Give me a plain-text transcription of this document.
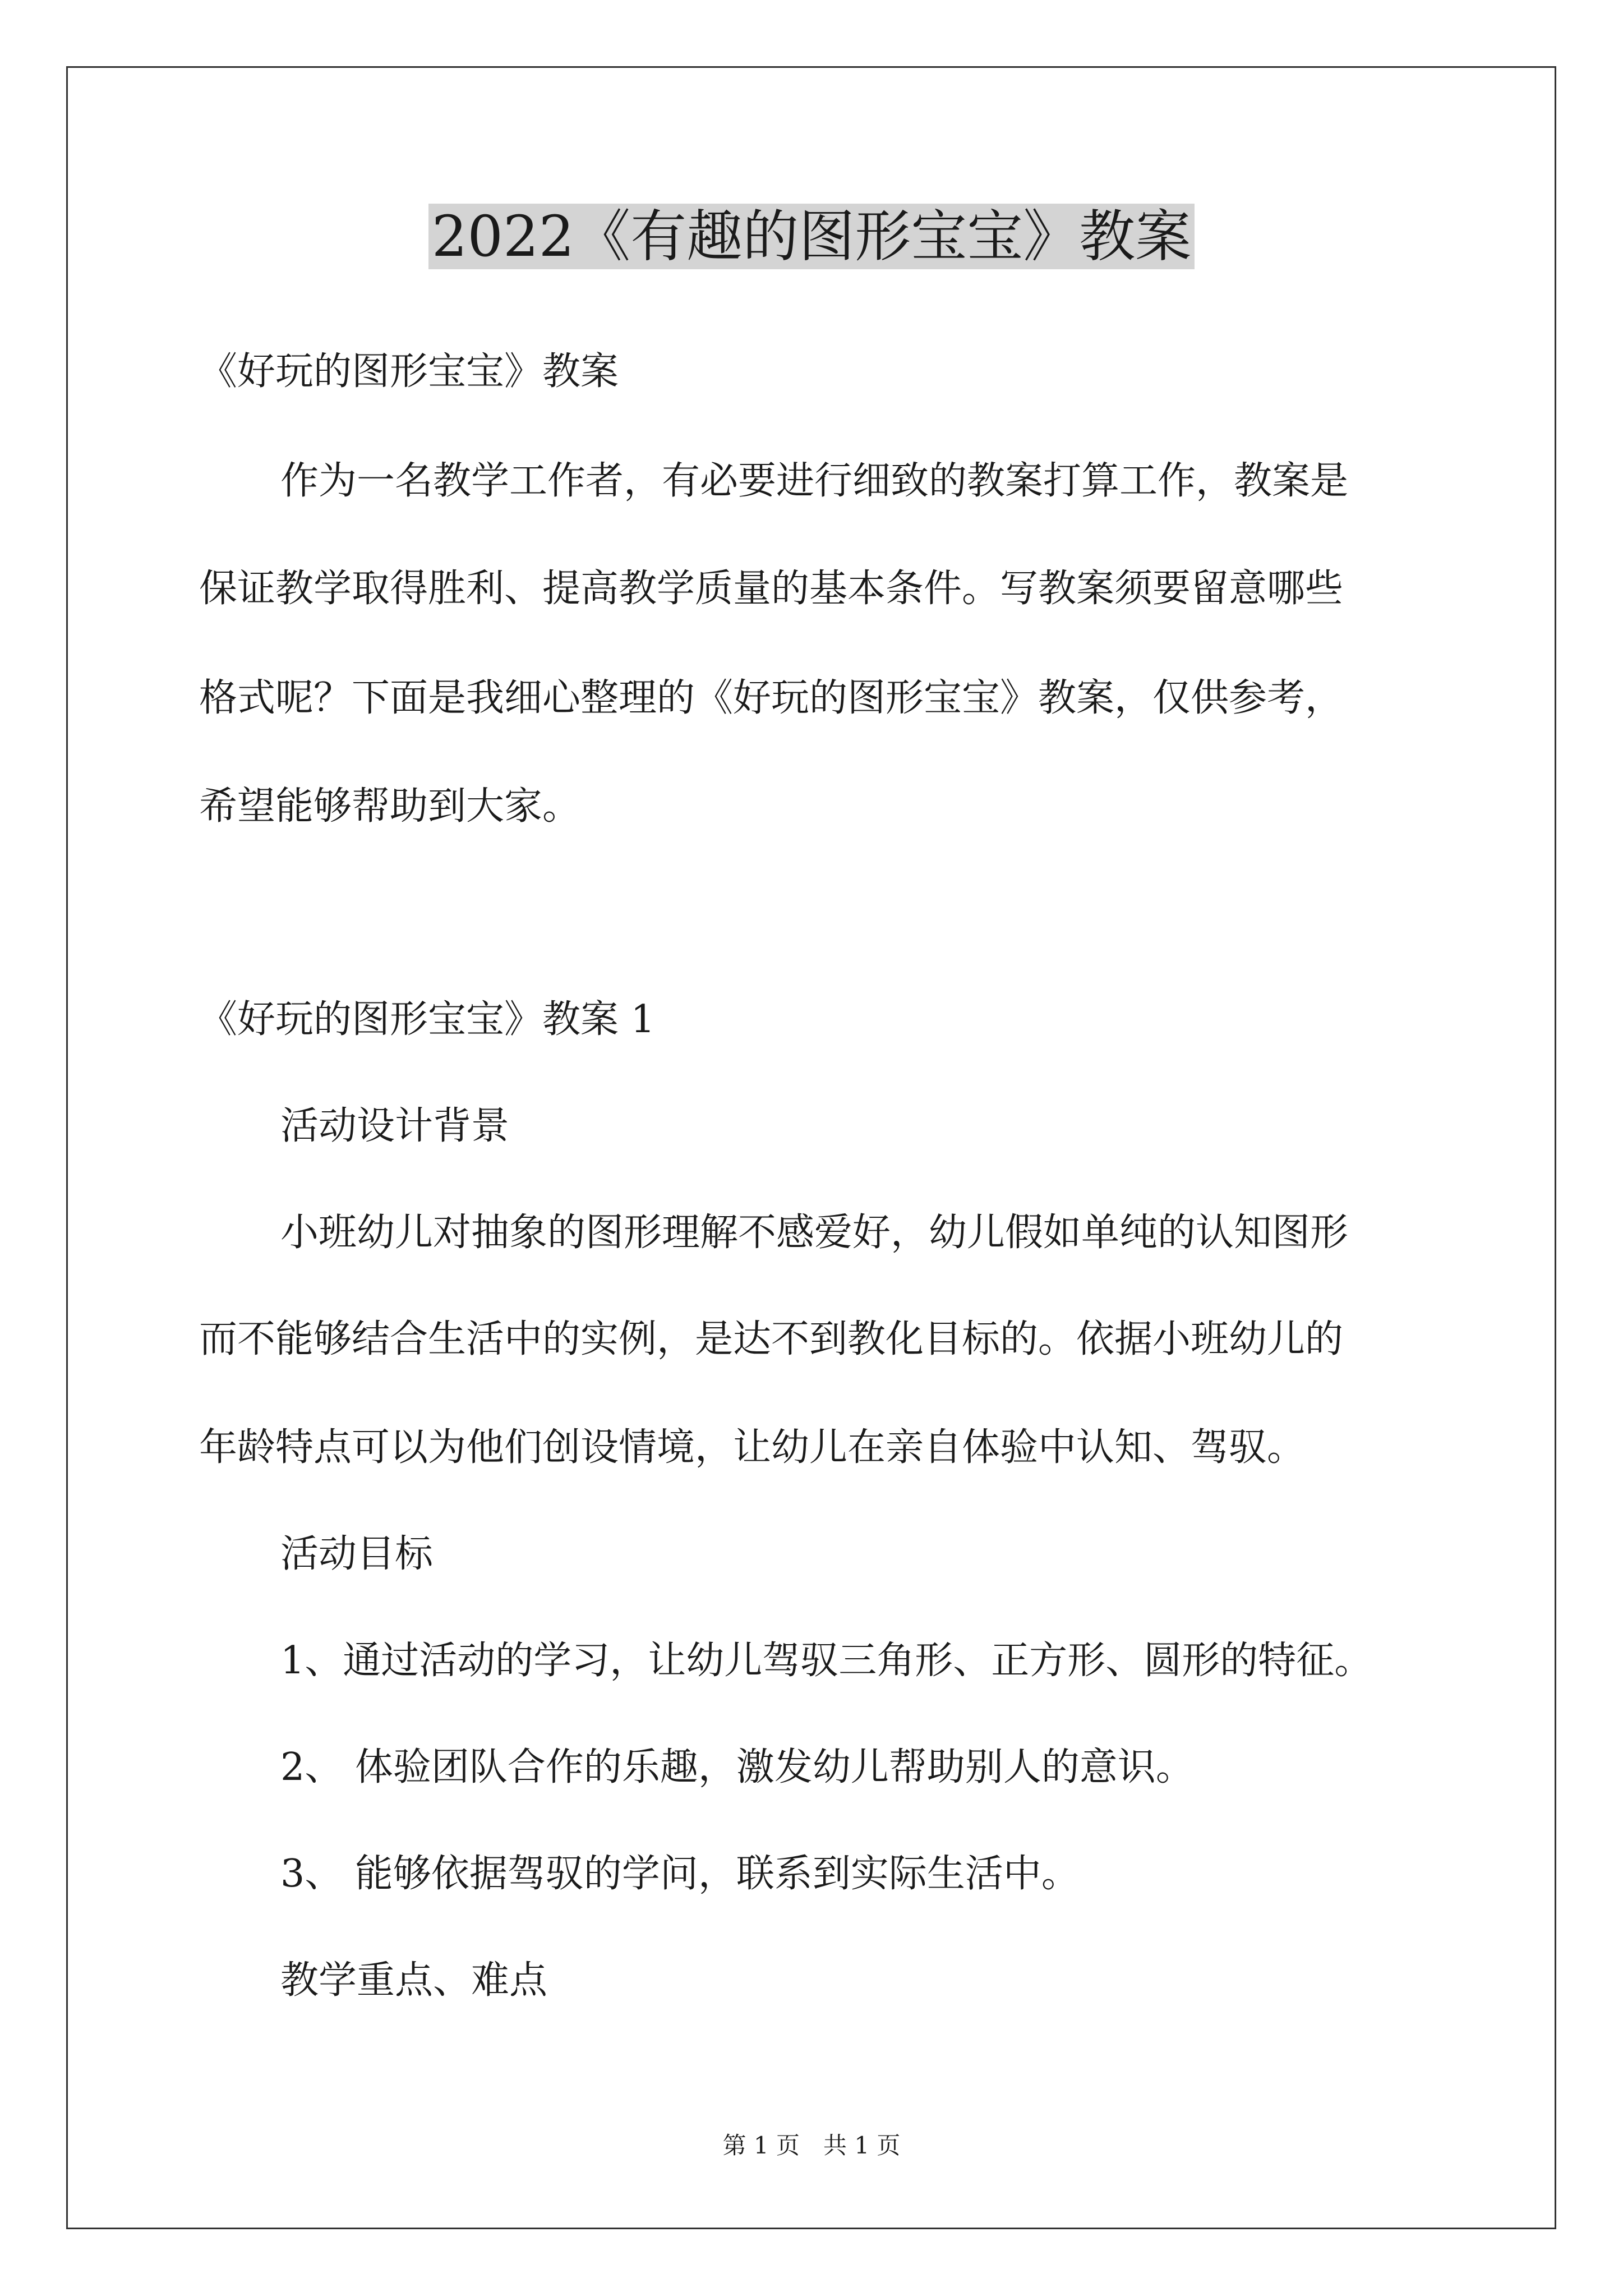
2022《有趣的图形宝宝》教案
《好玩的图形宝宝》教案
作为一名教学工作者，有必要进行细致的教案打算工作，教案是
保证教学取得胜利、提高教学质量的基本条件。写教案须要留意哪些
格式呢？下面是我细心整理的《好玩的图形宝宝》教案，仅供参考，
希望能够帮助到大家。
《好玩的图形宝宝》教案 1
活动设计背景
小班幼儿对抽象的图形理解不感爱好，幼儿假如单纯的认知图形
而不能够结合生活中的实例，是达不到教化目标的。依据小班幼儿的
年龄特点可以为他们创设情境，让幼儿在亲自体验中认知、驾驭。
活动目标
1、通过活动的学习，让幼儿驾驭三角形、正方形、圆形的特征。
2、 体验团队合作的乐趣，激发幼儿帮助别人的意识。
3、 能够依据驾驭的学问，联系到实际生活中。
教学重点、难点
第 1 页　共 1 页
